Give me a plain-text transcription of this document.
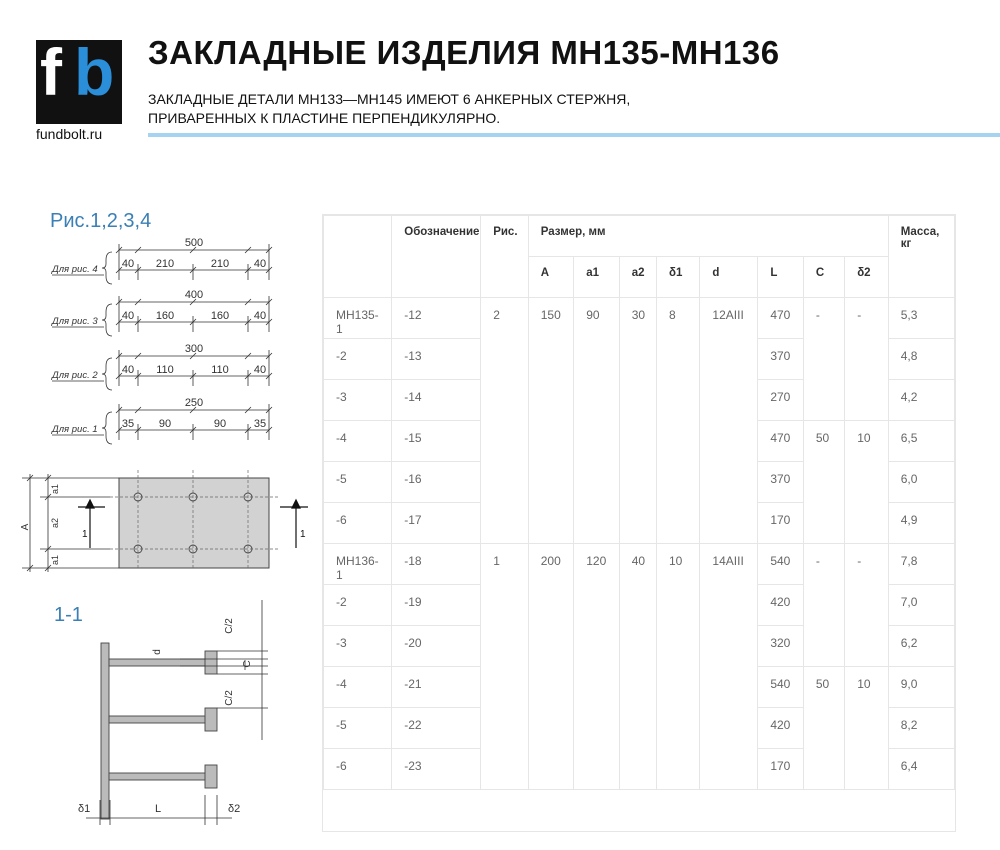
f b
fundbolt.ru
ЗАКЛАДНЫЕ ИЗДЕЛИЯ МН135-МН136
ЗАКЛАДНЫЕ ДЕТАЛИ МН133—МН145 ИМЕЮТ 6 АНКЕРНЫХ СТЕРЖНЯ,
ПРИВАРЕННЫХ К ПЛАСТИНЕ ПЕРПЕНДИКУЛЯРНО.
Рис.1,2,3,4
1-1
500
Для рис. 4 40 210	210 40
400
Для рис. 3 40 160	160 40
300
Для рис. 2 40 110	110 40
250
Для рис. 1 35 90	90	35
A
a1
a2
a1
1	1
d
C/2
C
C/2
δ1	L	δ2
	Обозначение	Рис.	Размер, мм								Масса, кг
			A	a1	a2	δ1	d	L	C	δ2	
МН135-1	-12	2	150	90	30	8	12AIII	470	-	-	5,3
-2	-13							370			4,8
-3	-14							270			4,2
-4	-15							470	50	10	6,5
-5	-16							370			6,0
-6	-17							170			4,9
МН136-1	-18	1	200	120	40	10	14AIII	540	-	-	7,8
-2	-19							420			7,0
-3	-20							320			6,2
-4	-21							540	50	10	9,0
-5	-22							420			8,2
-6	-23							170			6,4
